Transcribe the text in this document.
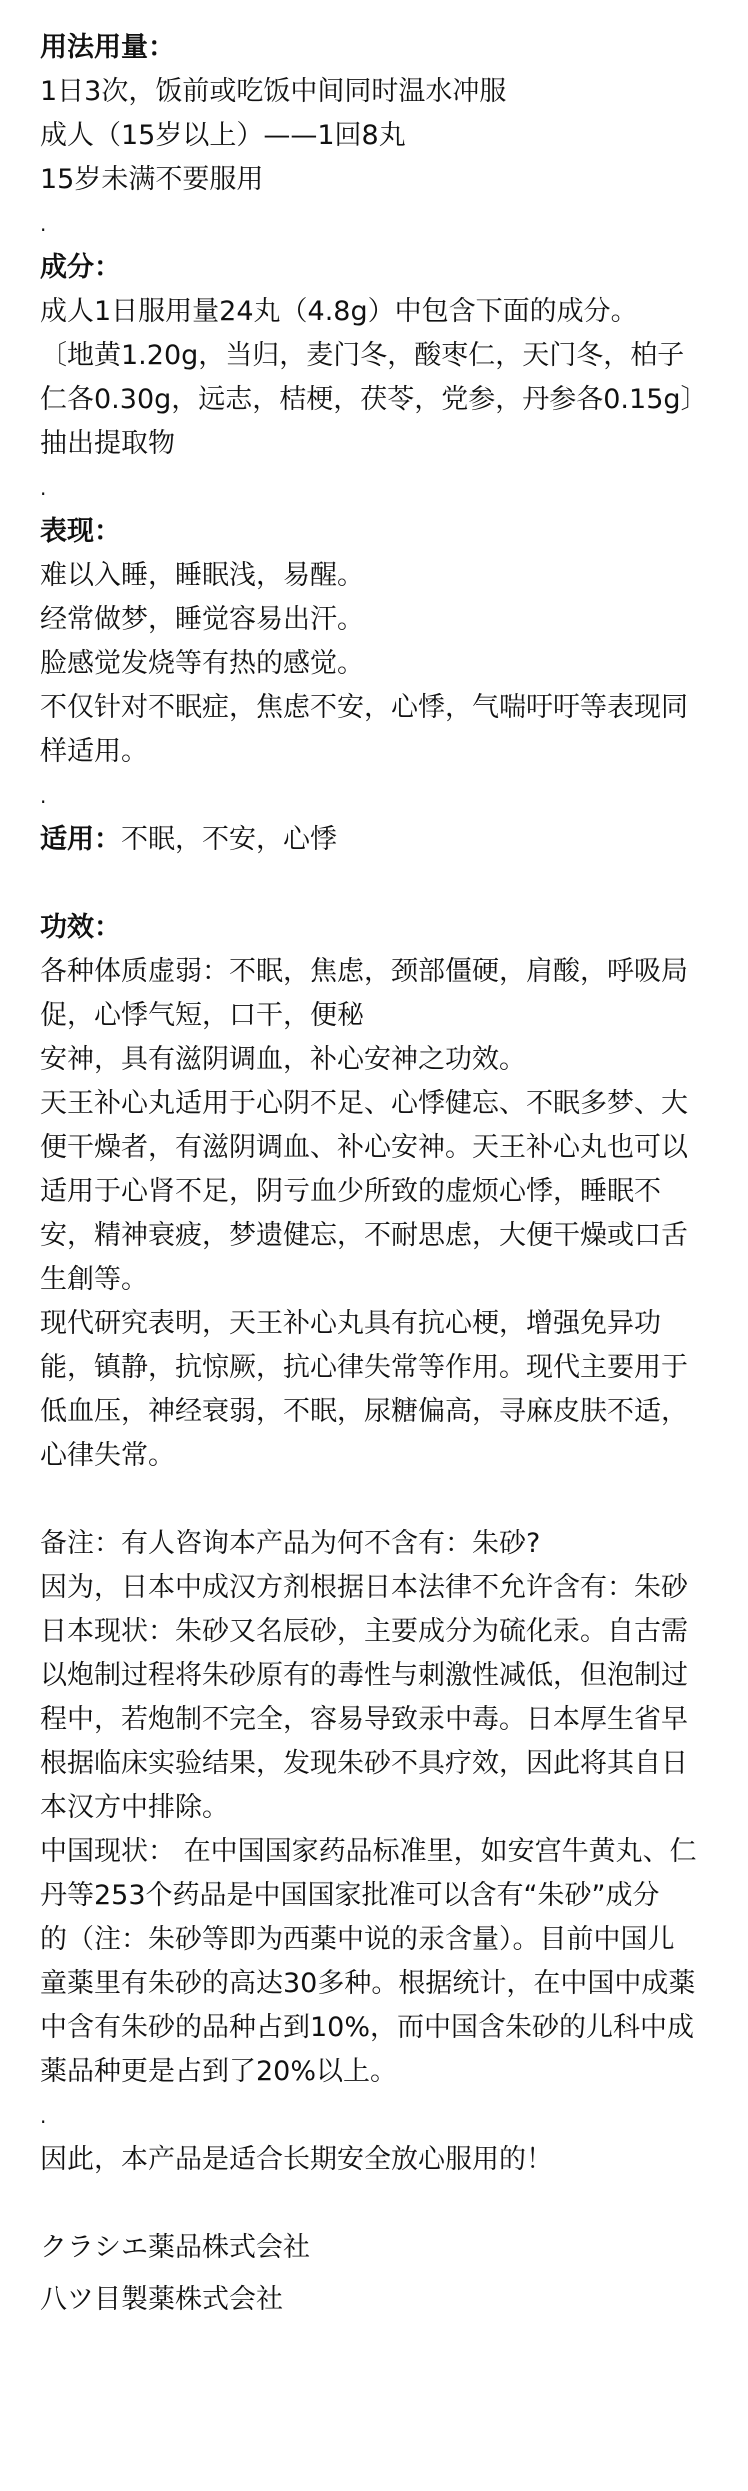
用法用量：
1日3次，饭前或吃饭中间同时温水冲服
成人（15岁以上）——1回8丸
15岁未满不要服用
.
成分：
成人1日服用量24丸（4.8g）中包含下面的成分。
〔地黄1.20g，当归，麦门冬，酸枣仁，天门冬，柏子
仁各0.30g，远志，桔梗，茯苓，党参，丹参各0.15g〕
抽出提取物
.
表现：
难以入睡，睡眠浅，易醒。
经常做梦，睡觉容易出汗。
脸感觉发烧等有热的感觉。
不仅针对不眠症，焦虑不安，心悸，气喘吁吁等表现同
样适用。
.
适用：不眠，不安，心悸
功效：
各种体质虚弱：不眠，焦虑，颈部僵硬，肩酸，呼吸局
促，心悸气短，口干，便秘
安神，具有滋阴调血，补心安神之功效。
天王补心丸适用于心阴不足、心悸健忘、不眠多梦、大
便干燥者，有滋阴调血、补心安神。天王补心丸也可以
适用于心肾不足，阴亏血少所致的虚烦心悸，睡眠不
安，精神衰疲，梦遗健忘，不耐思虑，大便干燥或口舌
生創等。
现代研究表明，天王补心丸具有抗心梗，增强免异功
能，镇静，抗惊厥，抗心律失常等作用。现代主要用于
低血压，神经衰弱，不眠，尿糖偏高，寻麻皮肤不适，
心律失常。
备注：有人咨询本产品为何不含有：朱砂?
因为，日本中成汉方剂根据日本法律不允许含有：朱砂
日本现状：朱砂又名辰砂，主要成分为硫化汞。自古需
以炮制过程将朱砂原有的毒性与刺激性减低，但泡制过
程中，若炮制不完全，容易导致汞中毒。日本厚生省早
根据临床实验结果，发现朱砂不具疗效，因此将其自日
本汉方中排除。
中国现状： 在中国国家药品标准里，如安宫牛黄丸、仁
丹等253个药品是中国国家批准可以含有“朱砂”成分
的（注：朱砂等即为西薬中说的汞含量）。目前中国儿
童薬里有朱砂的高达30多种。根据统计，在中国中成薬
中含有朱砂的品种占到10%，而中国含朱砂的儿科中成
薬品种更是占到了20%以上。
.
因此，本产品是适合长期安全放心服用的！
クラシエ薬品株式会社
八ツ目製薬株式会社
